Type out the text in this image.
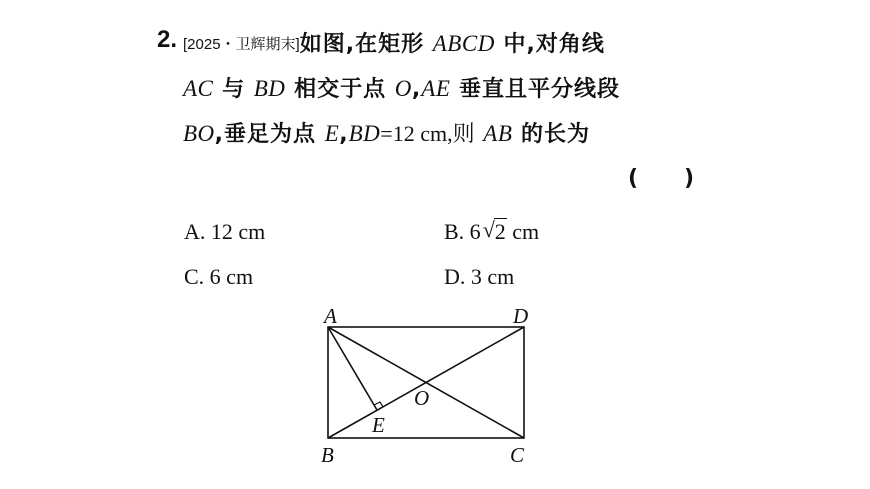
2. [2025・卫辉期末]如图,在矩形 ABCD 中,对角线
AC 与 BD 相交于点 O,AE 垂直且平分线段
BO,垂足为点 E,BD=12 cm,则 AB 的长为
(      )
A. 12 cm	B. 6 √ 2 cm
C. 6 cm	D. 3 cm
A	D
B	C
O
E
